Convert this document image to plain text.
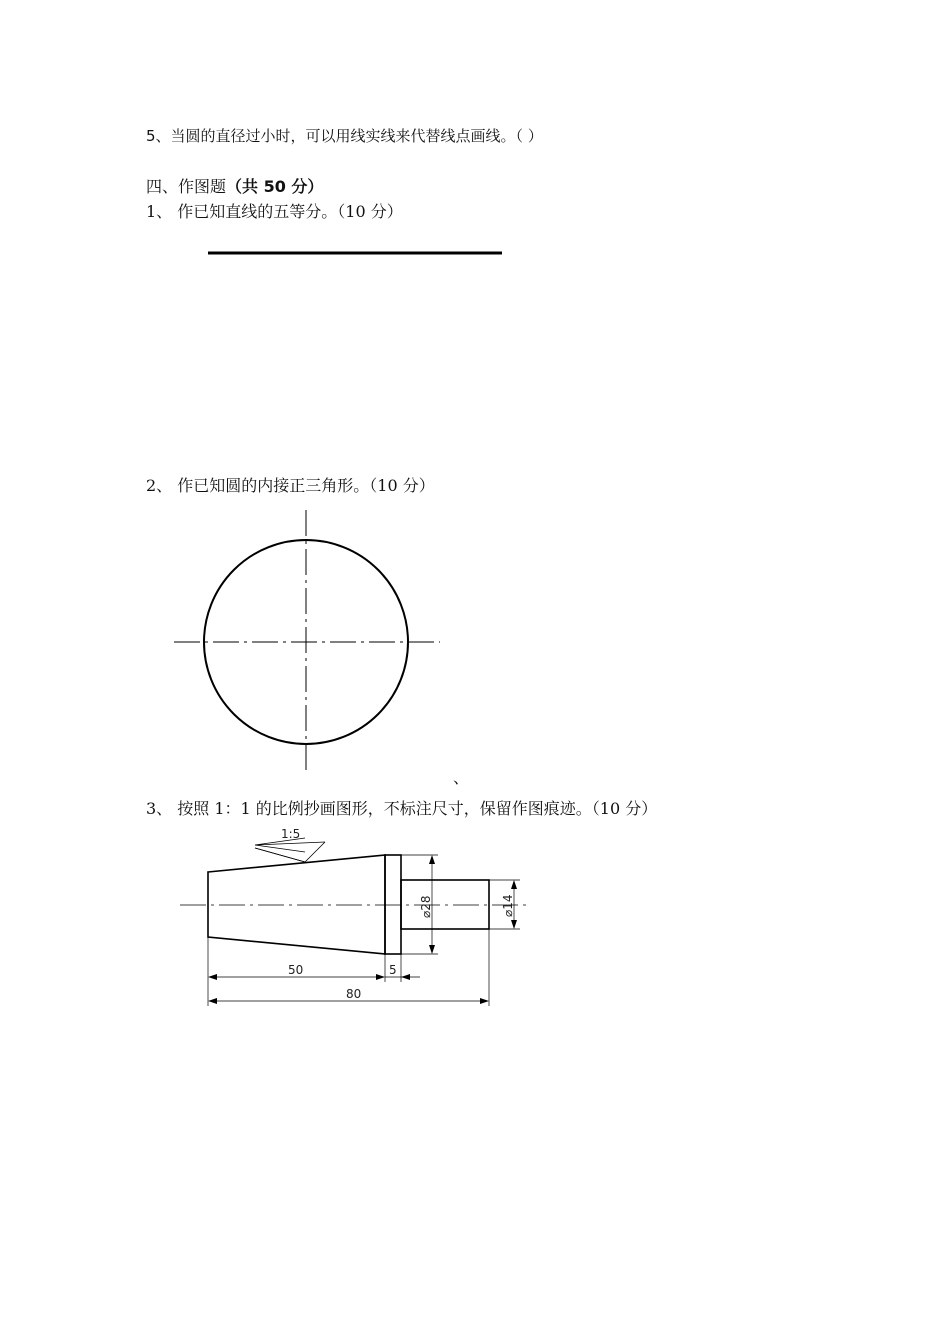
5、当圆的直径过小时，可以用线实线来代替线点画线。（ ）
四、作图题（共 50 分）
1、 作已知直线的五等分。（10 分）
1:5
⌀28	⌀14
50	5
80
2、 作已知圆的内接正三角形。（10 分）
、
3、 按照 1：1 的比例抄画图形，不标注尺寸，保留作图痕迹。（10 分）
